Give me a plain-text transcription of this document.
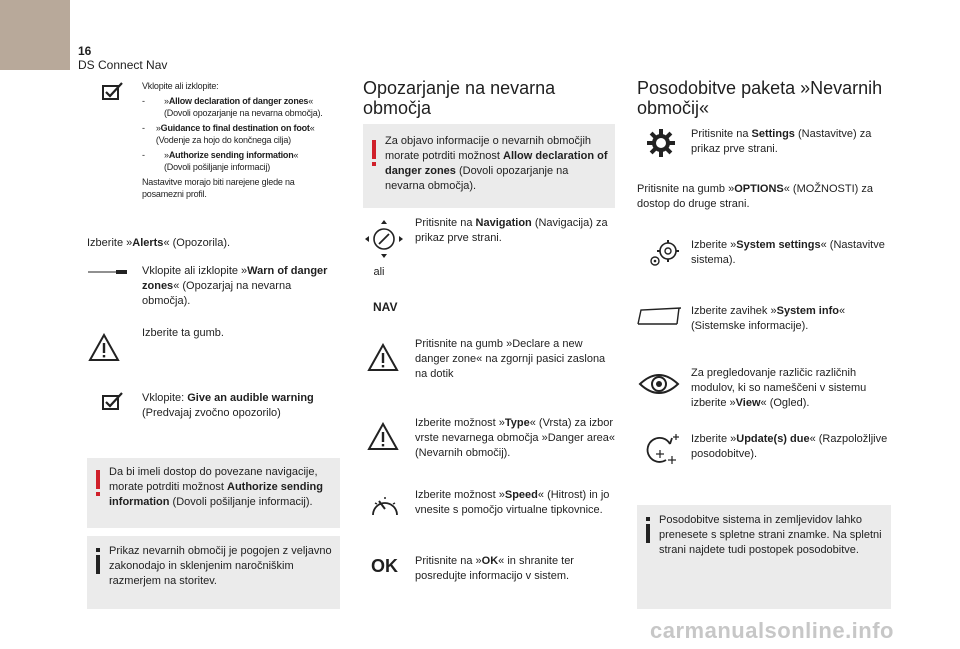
16
DS Connect Nav
Vklopite ali izklopite:
-	»Allow declaration of danger zones«
(Dovoli opozarjanje na nevarna območja).
-	»Guidance to final destination on foot« (Vodenje za hojo do končnega cilja)
-	»Authorize sending information«
(Dovoli pošiljanje informacij)
Nastavitve morajo biti narejene glede na
posamezni profil.
Izberite »Alerts« (Opozorila).
Vklopite ali izklopite »Warn of danger zones« (Opozarjaj na nevarna območja).
Izberite ta gumb.
Vklopite: Give an audible warning (Predvajaj zvočno opozorilo)
Da bi imeli dostop do povezane navigacije, morate potrditi možnost Authorize sending information (Dovoli pošiljanje informacij).
Prikaz nevarnih območij je pogojen z veljavno zakonodajo in sklenjenim naročniškim razmerjem na storitev.
Opozarjanje na nevarna
območja
Za objavo informacije o nevarnih območjih morate potrditi možnost Allow declaration of danger zones (Dovoli opozarjanje na nevarna območja).
ali
Pritisnite na Navigation (Navigacija) za prikaz prve strani.
NAV
Pritisnite na gumb »Declare a new danger zone« na zgornji pasici zaslona na dotik
Izberite možnost »Type« (Vrsta) za izbor vrste nevarnega območja »Danger area« (Nevarnih območij).
Izberite možnost »Speed« (Hitrost) in jo vnesite s pomočjo virtualne tipkovnice.
OK Pritisnite na »OK« in shranite ter posredujte informacijo v sistem.
Posodobitve paketa »Nevarnih
območij«
Pritisnite na Settings (Nastavitve) za prikaz prve strani.
Pritisnite na gumb »OPTIONS« (MOŽNOSTI) za dostop do druge strani.
Izberite »System settings« (Nastavitve sistema).
Izberite zavihek »System info« (Sistemske informacije).
Za pregledovanje različic različnih modulov, ki so nameščeni v sistemu izberite »View« (Ogled).
Izberite »Update(s) due« (Razpoložljive posodobitve).
Posodobitve sistema in zemljevidov lahko prenesete s spletne strani znamke. Na spletni strani najdete tudi postopek posodobitve.
carmanualsonline.info
